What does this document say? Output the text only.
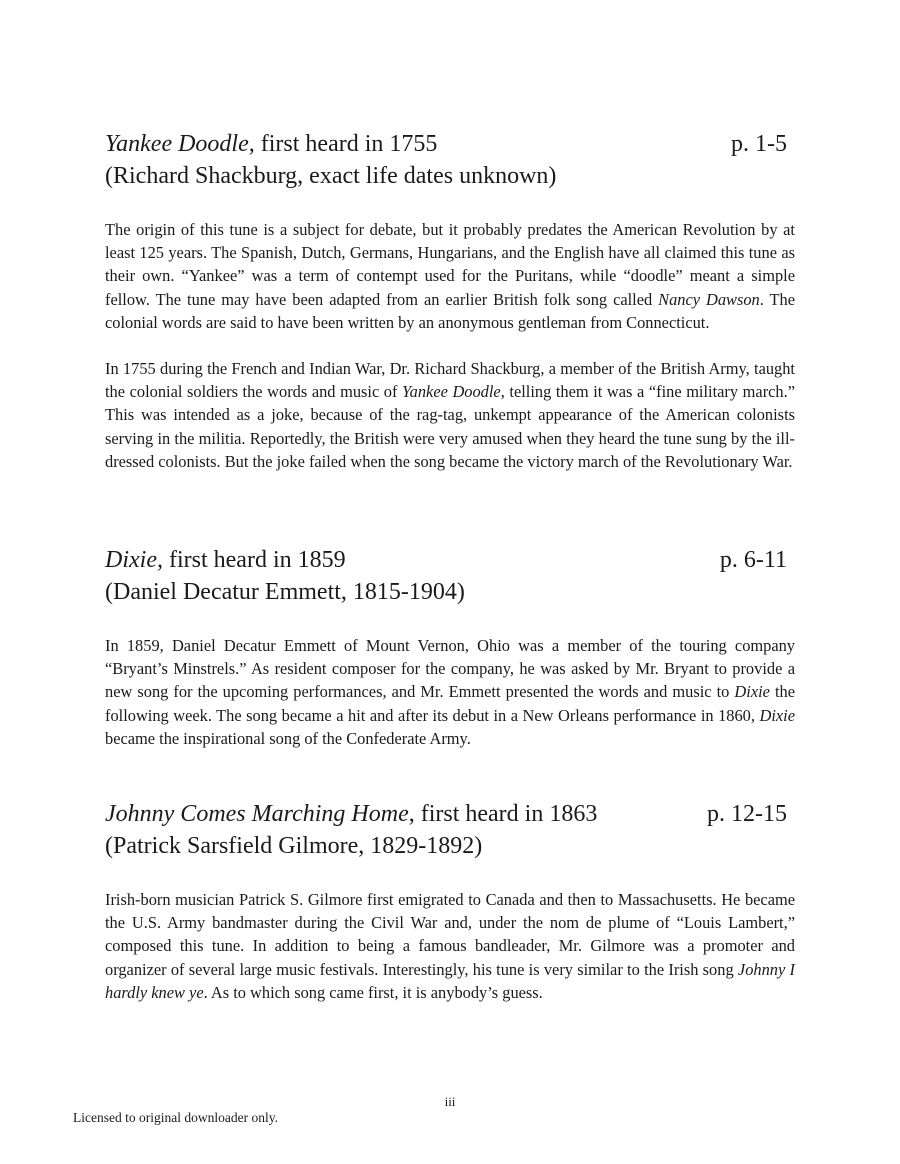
Yankee Doodle, first heard in 1755	p. 1-5
(Richard Shackburg, exact life dates unknown)

The origin of this tune is a subject for debate, but it probably predates the American Revolution by at least 125 years. The Spanish, Dutch, Germans, Hungarians, and the English have all claimed this tune as their own. “Yankee” was a term of contempt used for the Puritans, while “doodle” meant a simple fellow. The tune may have been adapted from an earlier British folk song called Nancy Dawson. The colonial words are said to have been written by an anonymous gentleman from Connecticut.

In 1755 during the French and Indian War, Dr. Richard Shackburg, a member of the British Army, taught the colonial soldiers the words and music of Yankee Doodle, telling them it was a “fine military march.” This was intended as a joke, because of the rag-tag, unkempt appearance of the American colonists serving in the militia. Reportedly, the British were very amused when they heard the tune sung by the ill-dressed colonists. But the joke failed when the song became the victory march of the Revolutionary War.

Dixie, first heard in 1859	p. 6-11
(Daniel Decatur Emmett, 1815-1904)

In 1859, Daniel Decatur Emmett of Mount Vernon, Ohio was a member of the touring company “Bryant’s Minstrels.” As resident composer for the company, he was asked by Mr. Bryant to provide a new song for the upcoming performances, and Mr. Emmett presented the words and music to Dixie the following week. The song became a hit and after its debut in a New Orleans performance in 1860, Dixie became the inspirational song of the Confederate Army.

Johnny Comes Marching Home, first heard in 1863	p. 12-15
(Patrick Sarsfield Gilmore, 1829-1892)

Irish-born musician Patrick S. Gilmore first emigrated to Canada and then to Massachusetts. He became the U.S. Army bandmaster during the Civil War and, under the nom de plume of “Louis Lambert,” composed this tune. In addition to being a famous bandleader, Mr. Gilmore was a promoter and organizer of several large music festivals. Interestingly, his tune is very similar to the Irish song Johnny I hardly knew ye. As to which song came first, it is anybody’s guess.

iii
Licensed to original downloader only.
